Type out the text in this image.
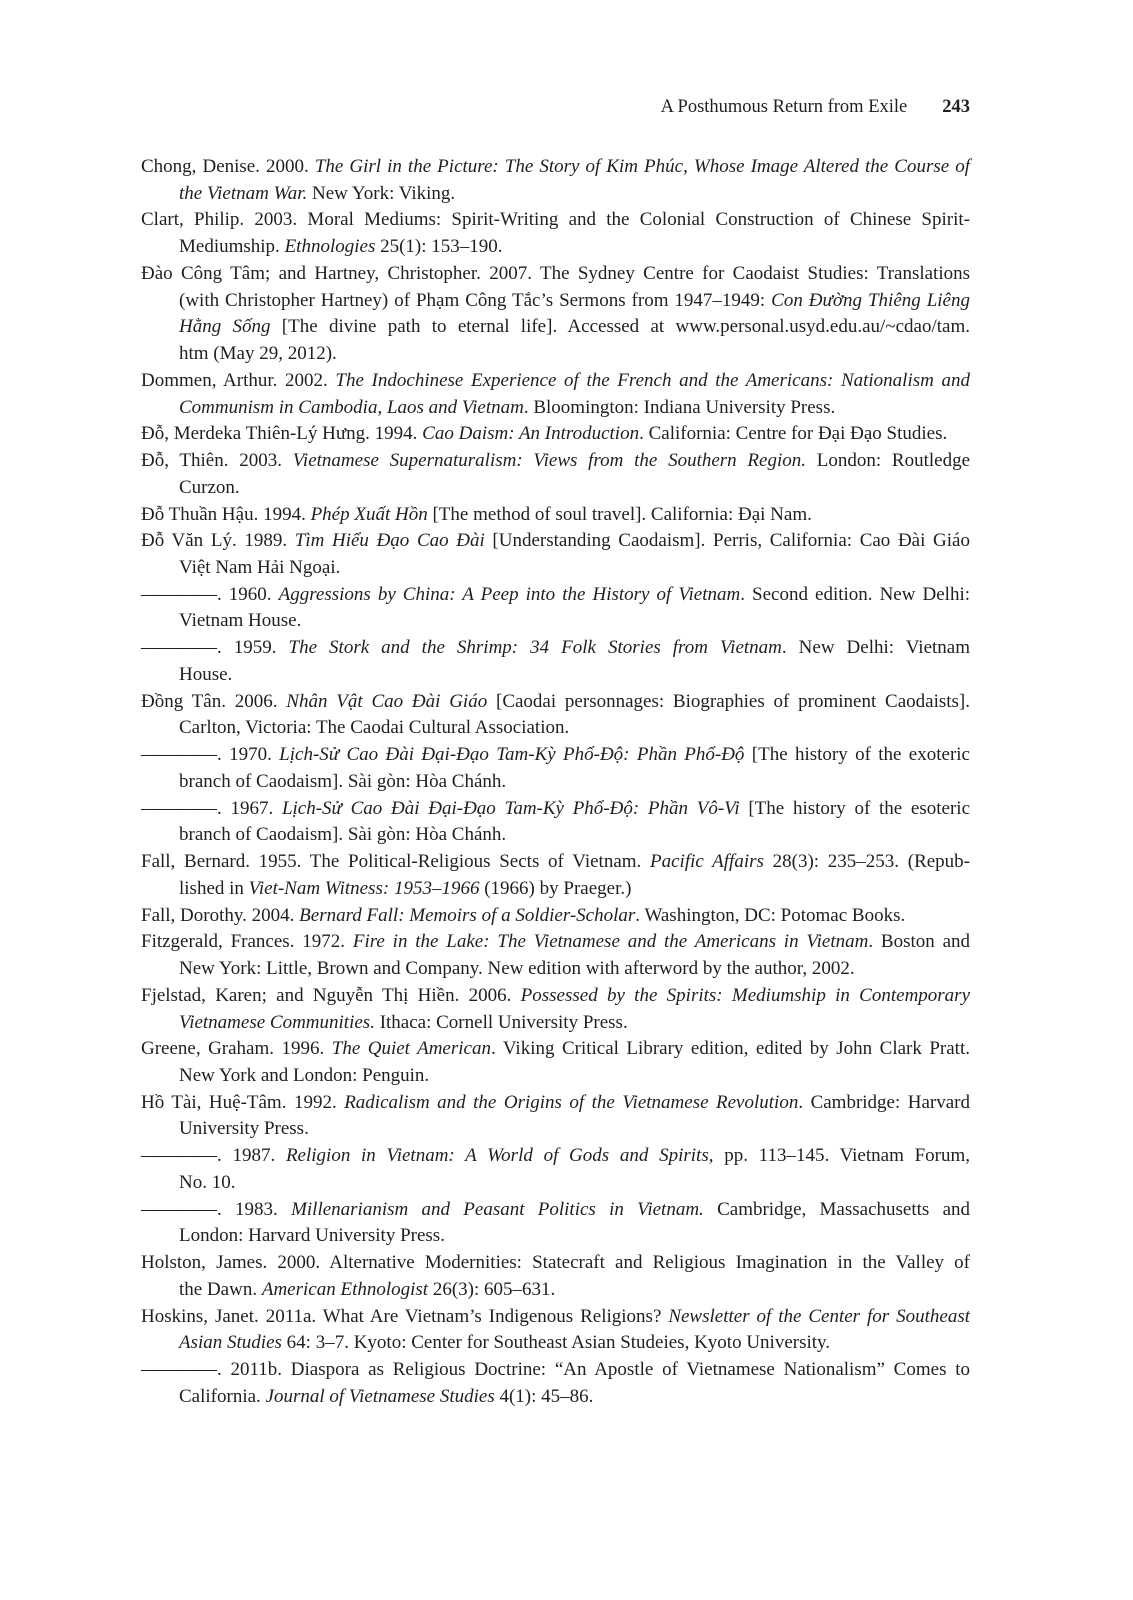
A Posthumous Return from Exile 243
Chong, Denise. 2000. The Girl in the Picture: The Story of Kim Phúc, Whose Image Altered the Course of
the Vietnam War. New York: Viking.
Clart, Philip. 2003. Moral Mediums: Spirit-Writing and the Colonial Construction of Chinese Spirit-
Mediumship. Ethnologies 25(1): 153–190.
Đào Công Tâm; and Hartney, Christopher. 2007. The Sydney Centre for Caodaist Studies: Translations
(with Christopher Hartney) of Phạm Công Tắc’s Sermons from 1947–1949: Con Đường Thiêng Liêng
Hằng Sống [The divine path to eternal life]. Accessed at www.personal.usyd.edu.au/~cdao/tam.
htm (May 29, 2012).
Dommen, Arthur. 2002. The Indochinese Experience of the French and the Americans: Nationalism and
Communism in Cambodia, Laos and Vietnam. Bloomington: Indiana University Press.
Đỗ, Merdeka Thiên-Lý Hưng. 1994. Cao Daism: An Introduction. California: Centre for Đại Đạo Studies.
Đỗ, Thiên. 2003. Vietnamese Supernaturalism: Views from the Southern Region. London: Routledge
Curzon.
Đỗ Thuần Hậu. 1994. Phép Xuất Hồn [The method of soul travel]. California: Đại Nam.
Đỗ Văn Lý. 1989. Tìm Hiểu Đạo Cao Đài [Understanding Caodaism]. Perris, California: Cao Đài Giáo
Việt Nam Hải Ngoại.
————. 1960. Aggressions by China: A Peep into the History of Vietnam. Second edition. New Delhi:
Vietnam House.
————. 1959. The Stork and the Shrimp: 34 Folk Stories from Vietnam. New Delhi: Vietnam
House.
Đồng Tân. 2006. Nhân Vật Cao Đài Giáo [Caodai personnages: Biographies of prominent Caodaists].
Carlton, Victoria: The Caodai Cultural Association.
————. 1970. Lịch-Sử Cao Đài Đại-Đạo Tam-Kỳ Phổ-Độ: Phần Phổ-Độ [The history of the exoteric
branch of Caodaism]. Sài gòn: Hòa Chánh.
————. 1967. Lịch-Sử Cao Đài Đại-Đạo Tam-Kỳ Phổ-Độ: Phần Vô-Vi [The history of the esoteric
branch of Caodaism]. Sài gòn: Hòa Chánh.
Fall, Bernard. 1955. The Political-Religious Sects of Vietnam. Pacific Affairs 28(3): 235–253. (Repub-
lished in Viet-Nam Witness: 1953–1966 (1966) by Praeger.)
Fall, Dorothy. 2004. Bernard Fall: Memoirs of a Soldier-Scholar. Washington, DC: Potomac Books.
Fitzgerald, Frances. 1972. Fire in the Lake: The Vietnamese and the Americans in Vietnam. Boston and
New York: Little, Brown and Company. New edition with afterword by the author, 2002.
Fjelstad, Karen; and Nguyễn Thị Hiền. 2006. Possessed by the Spirits: Mediumship in Contemporary
Vietnamese Communities. Ithaca: Cornell University Press.
Greene, Graham. 1996. The Quiet American. Viking Critical Library edition, edited by John Clark Pratt.
New York and London: Penguin.
Hồ Tài, Huệ-Tâm. 1992. Radicalism and the Origins of the Vietnamese Revolution. Cambridge: Harvard
University Press.
————. 1987. Religion in Vietnam: A World of Gods and Spirits, pp. 113–145. Vietnam Forum,
No. 10.
————. 1983. Millenarianism and Peasant Politics in Vietnam. Cambridge, Massachusetts and
London: Harvard University Press.
Holston, James. 2000. Alternative Modernities: Statecraft and Religious Imagination in the Valley of
the Dawn. American Ethnologist 26(3): 605–631.
Hoskins, Janet. 2011a. What Are Vietnam’s Indigenous Religions? Newsletter of the Center for Southeast
Asian Studies 64: 3–7. Kyoto: Center for Southeast Asian Studeies, Kyoto University.
————. 2011b. Diaspora as Religious Doctrine: “An Apostle of Vietnamese Nationalism” Comes to
California. Journal of Vietnamese Studies 4(1): 45–86.
